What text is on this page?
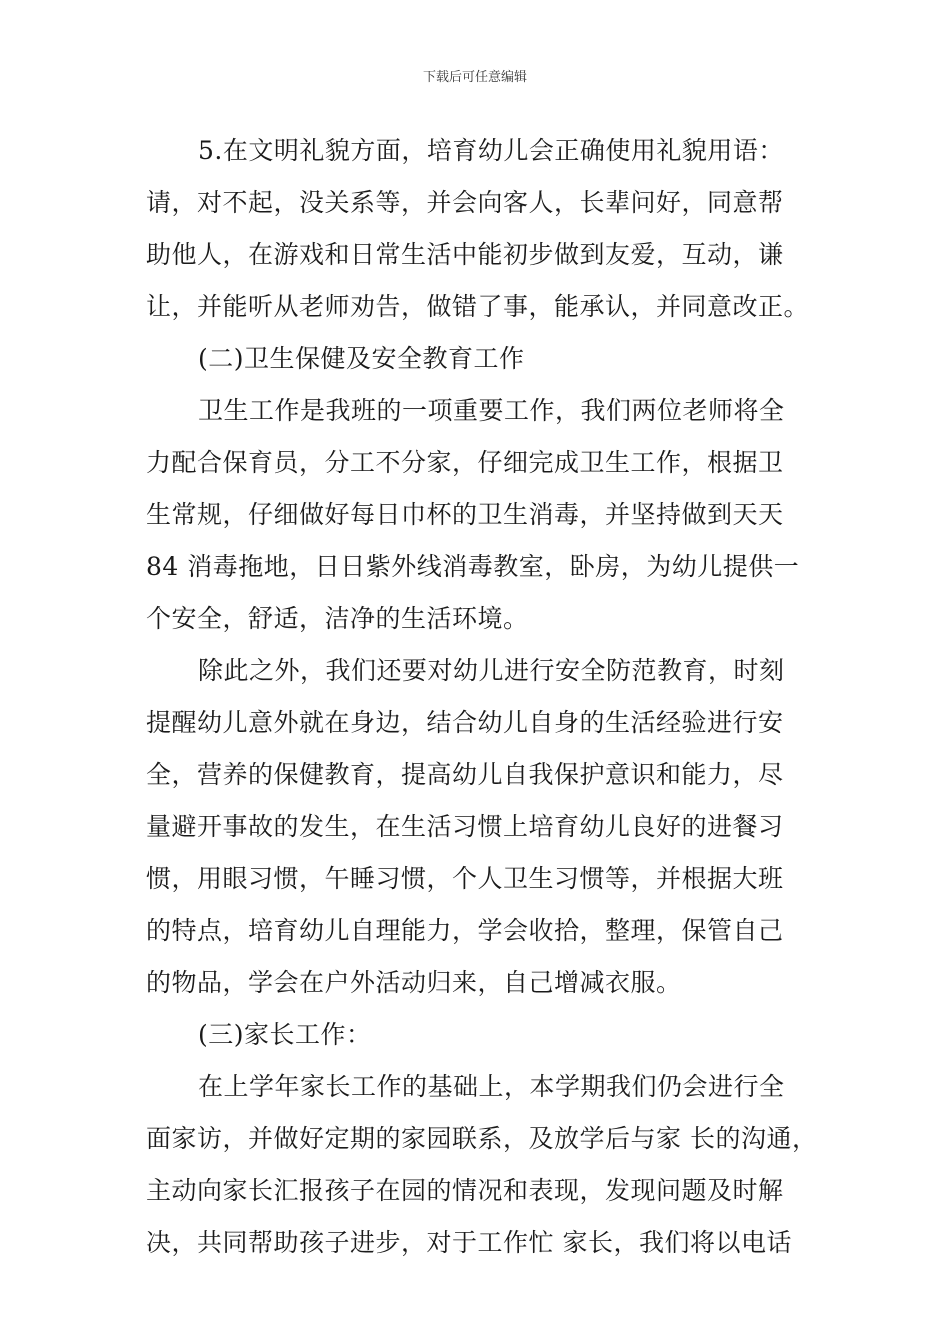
下载后可任意编辑
5.在文明礼貌方面，培育幼儿会正确使用礼貌用语：
请，对不起，没关系等，并会向客人，长辈问好，同意帮
助他人，在游戏和日常生活中能初步做到友爱，互动，谦
让，并能听从老师劝告，做错了事，能承认，并同意改正。
(二)卫生保健及安全教育工作
卫生工作是我班的一项重要工作，我们两位老师将全
力配合保育员，分工不分家，仔细完成卫生工作，根据卫
生常规，仔细做好每日巾杯的卫生消毒，并坚持做到天天
84 消毒拖地，日日紫外线消毒教室，卧房，为幼儿提供一
个安全，舒适，洁净的生活环境。
除此之外，我们还要对幼儿进行安全防范教育，时刻
提醒幼儿意外就在身边，结合幼儿自身的生活经验进行安
全，营养的保健教育，提高幼儿自我保护意识和能力，尽
量避开事故的发生，在生活习惯上培育幼儿良好的进餐习
惯，用眼习惯，午睡习惯，个人卫生习惯等，并根据大班
的特点，培育幼儿自理能力，学会收拾，整理，保管自己
的物品，学会在户外活动归来，自己增减衣服。
(三)家长工作：
在上学年家长工作的基础上，本学期我们仍会进行全
面家访，并做好定期的家园联系，及放学后与家 长的沟通，
主动向家长汇报孩子在园的情况和表现，发现问题及时解
决，共同帮助孩子进步，对于工作忙 家长，我们将以电话
